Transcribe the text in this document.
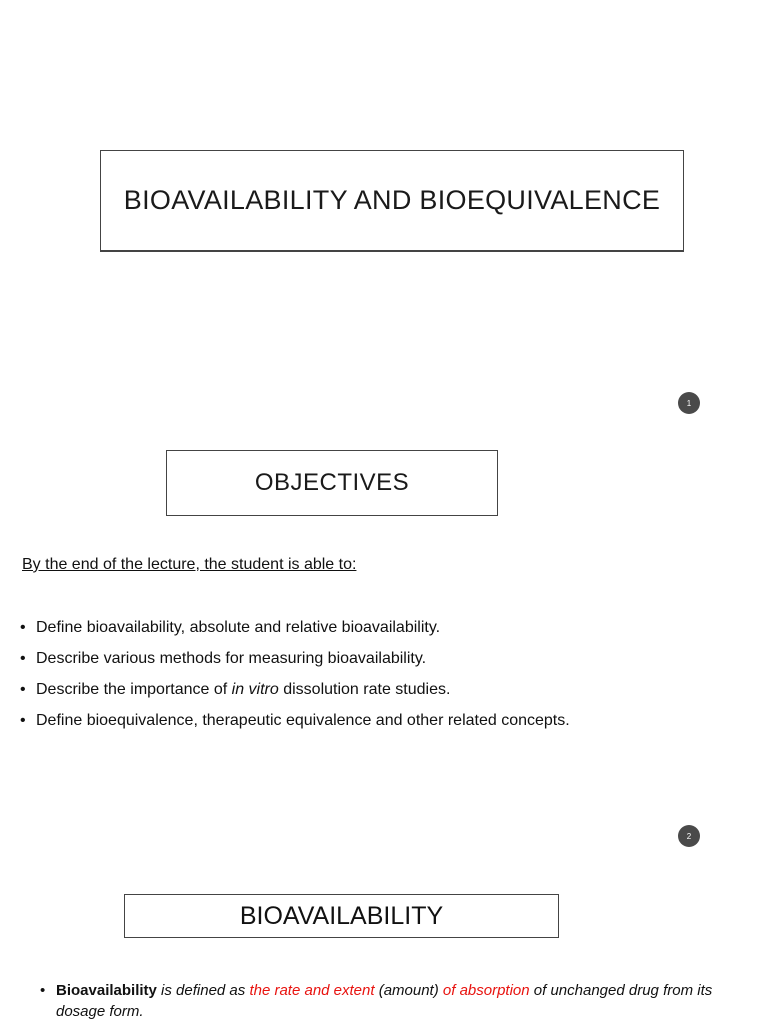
BIOAVAILABILITY AND BIOEQUIVALENCE
1
OBJECTIVES
By the end of the lecture, the student is able to:
• Define bioavailability, absolute and relative bioavailability.
• Describe various methods for measuring bioavailability.
• Describe the importance of in vitro dissolution rate studies.
• Define bioequivalence, therapeutic equivalence and other related concepts.
2
BIOAVAILABILITY
• Bioavailability is defined as the rate and extent (amount) of absorption of unchanged drug from its dosage form.
